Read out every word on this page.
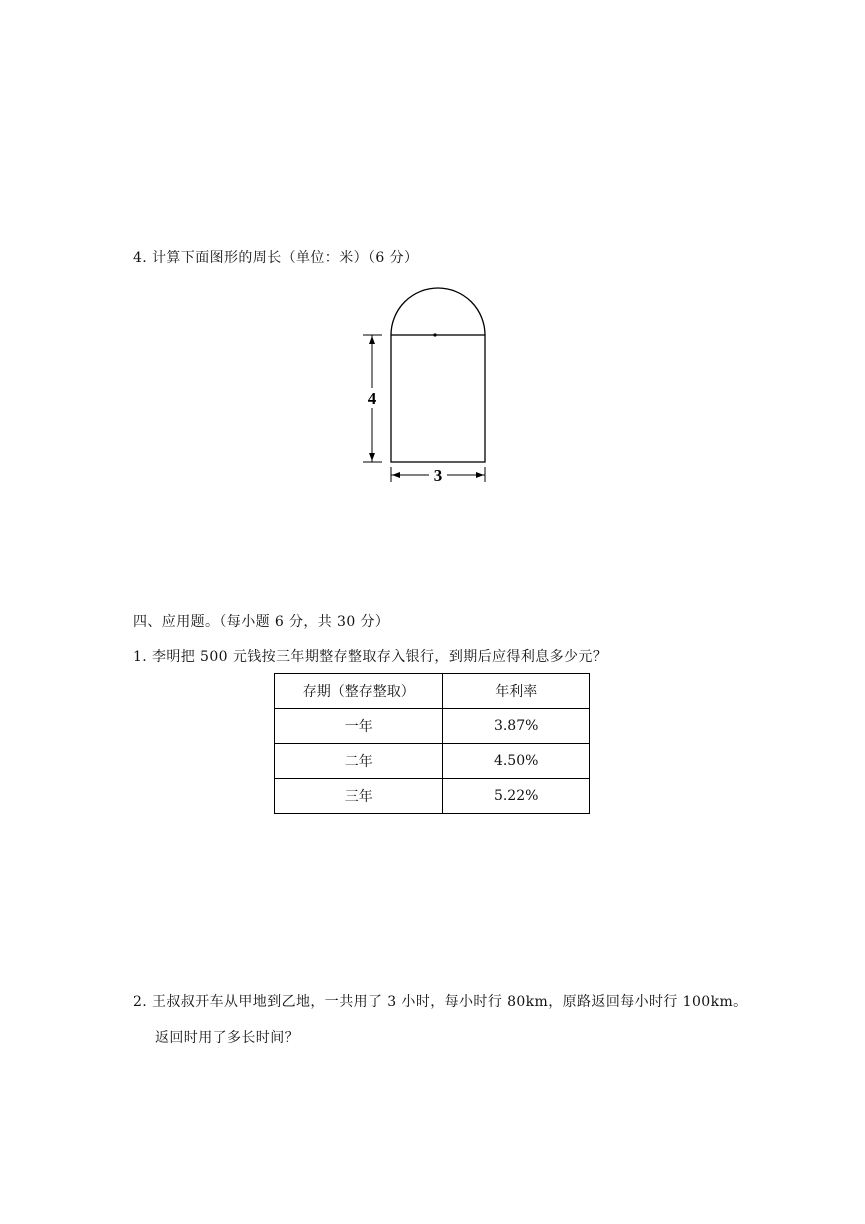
4. 计算下面图形的周长（单位：米）（6 分）
4
3
四、应用题。（每小题 6 分，共 30 分）
1. 李明把 500 元钱按三年期整存整取存入银行，到期后应得利息多少元？
存期（整存整取）	年利率
一年	3.87%
二年	4.50%
三年	5.22%
2. 王叔叔开车从甲地到乙地，一共用了 3 小时，每小时行 80km，原路返回每小时行 100km。
返回时用了多长时间？
